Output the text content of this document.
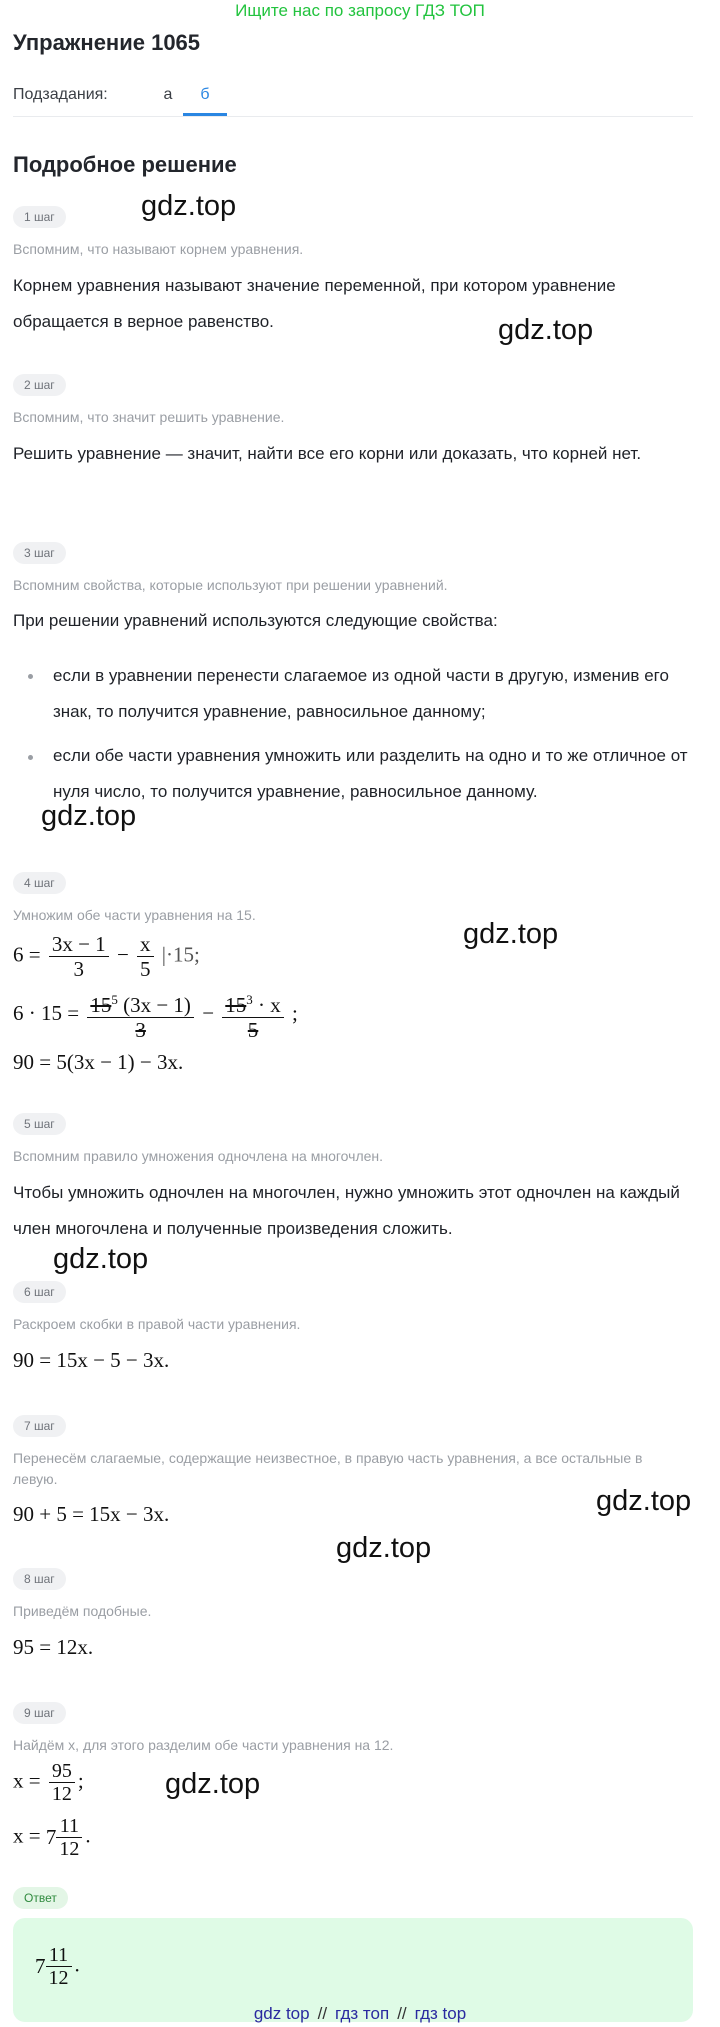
Ищите нас по запросу ГДЗ ТОП
Упражнение 1065
Подзадания:	а	б
Подробное решение
1 шаг
Вспомним, что называют корнем уравнения.
Корнем уравнения называют значение переменной, при котором уравнение обращается в верное равенство.
2 шаг
Вспомним, что значит решить уравнение.
Решить уравнение — значит, найти все его корни или доказать, что корней нет.
3 шаг
Вспомним свойства, которые используют при решении уравнений.
При решении уравнений используются следующие свойства:
если в уравнении перенести слагаемое из одной части в другую, изменив его знак, то получится уравнение, равносильное данному;
если обе части уравнения умножить или разделить на одно и то же отличное от нуля число, то получится уравнение, равносильное данному.
4 шаг
Умножим обе части уравнения на 15.
$6 = \frac{3x - 1}{3} - \frac{x}{5} |\cdot 15$;
$6 \cdot 15 = \frac{15^5 (3x - 1)}{3} - \frac{15^3 \cdot x}{5}$ ;
90 = 5(3x − 1) − 3x.
5 шаг
Вспомним правило умножения одночлена на многочлен.
Чтобы умножить одночлен на многочлен, нужно умножить этот одночлен на каждый член многочлена и полученные произведения сложить.
6 шаг
Раскроем скобки в правой части уравнения.
90 = 15x − 5 − 3x.
7 шаг
Перенесём слагаемые, содержащие неизвестное, в правую часть уравнения, а все остальные в левую.
90 + 5 = 15x − 3x.
8 шаг
Приведём подобные.
95 = 12x.
9 шаг
Найдём x, для этого разделим обе части уравнения на 12.
$x = \frac{95}{12}$ ;
$x = 7 \frac{11}{12}$ .
Ответ
$7 \frac{11}{12}$ .
gdz.top
gdz.top
gdz.top
gdz.top
gdz.top
gdz.top
gdz.top
gdz.top
gdz top // гдз топ // гдз top
